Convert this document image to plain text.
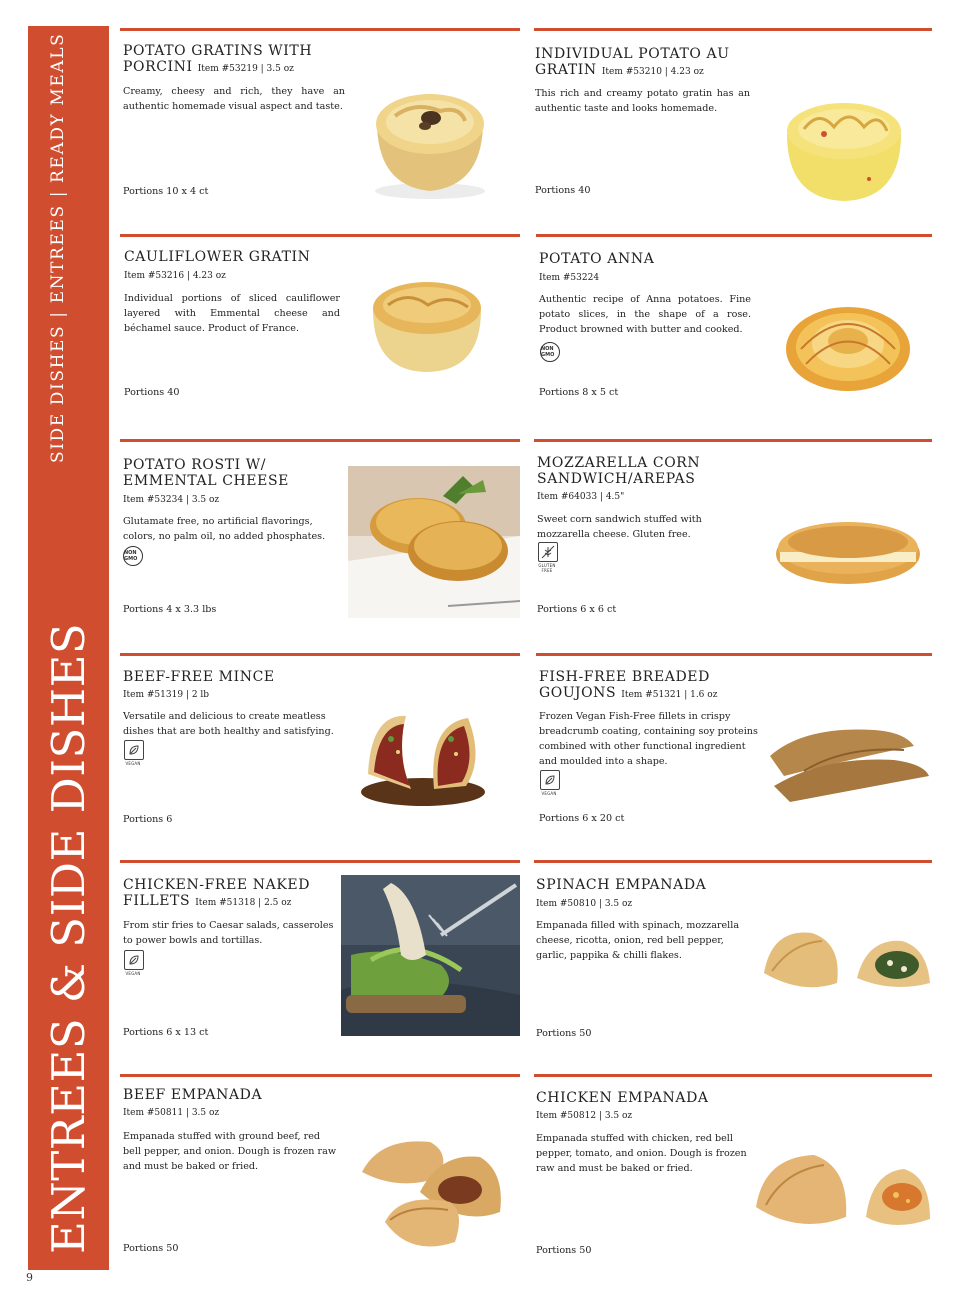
SIDE DISHES | ENTREES | READY MEALS
ENTREES & SIDE DISHES
9
POTATO GRATINS WITH
PORCINI Item #53219 | 3.5 oz
Creamy, cheesy and rich, they have an authentic homemade visual aspect and taste.
Portions 10 x 4 ct
INDIVIDUAL POTATO AU
GRATIN Item #53210 | 4.23 oz
This rich and creamy potato gratin has an authentic taste and looks homemade.
Portions 40
CAULIFLOWER GRATIN
Item #53216 | 4.23 oz
Individual portions of sliced cauliflower layered with Emmental cheese and béchamel sauce. Product of France.
Portions 40
POTATO ANNA
Item #53224
Authentic recipe of Anna potatoes. Fine potato slices, in the shape of a rose. Product browned with butter and cooked.
NON GMO
Portions 8 x 5 ct
POTATO ROSTI W/
EMMENTAL CHEESE
Item #53234 | 3.5 oz
Glutamate free, no artificial flavorings, colors, no palm oil, no added phosphates.
NON GMO
Portions 4 x 3.3 lbs
MOZZARELLA CORN
SANDWICH/AREPAS
Item #64033 | 4.5"
Sweet corn sandwich stuffed with mozzarella cheese. Gluten free.
GLUTEN FREE
Portions 6 x 6 ct
BEEF-FREE MINCE
Item #51319 | 2 lb
Versatile and delicious to create meatless dishes that are both healthy and satisfying.
VEGAN
Portions 6
FISH-FREE BREADED
GOUJONS Item #51321 | 1.6 oz
Frozen Vegan Fish-Free fillets in crispy breadcrumb coating, containing soy proteins combined with other functional ingredient and moulded into a shape.
VEGAN
Portions 6 x 20 ct
CHICKEN-FREE NAKED
FILLETS Item #51318 | 2.5 oz
From stir fries to Caesar salads, casseroles to power bowls and tortillas.
VEGAN
Portions 6 x 13 ct
SPINACH EMPANADA
Item #50810 | 3.5 oz
Empanada filled with spinach, mozzarella cheese, ricotta, onion, red bell pepper, garlic, pappika & chilli flakes.
Portions 50
BEEF EMPANADA
Item #50811 | 3.5 oz
Empanada stuffed with ground beef, red bell pepper, and onion. Dough is frozen raw and must be baked or fried.
Portions 50
CHICKEN EMPANADA
Item #50812 | 3.5 oz
Empanada stuffed with chicken, red bell pepper, tomato, and onion. Dough is frozen raw and must be baked or fried.
Portions 50
